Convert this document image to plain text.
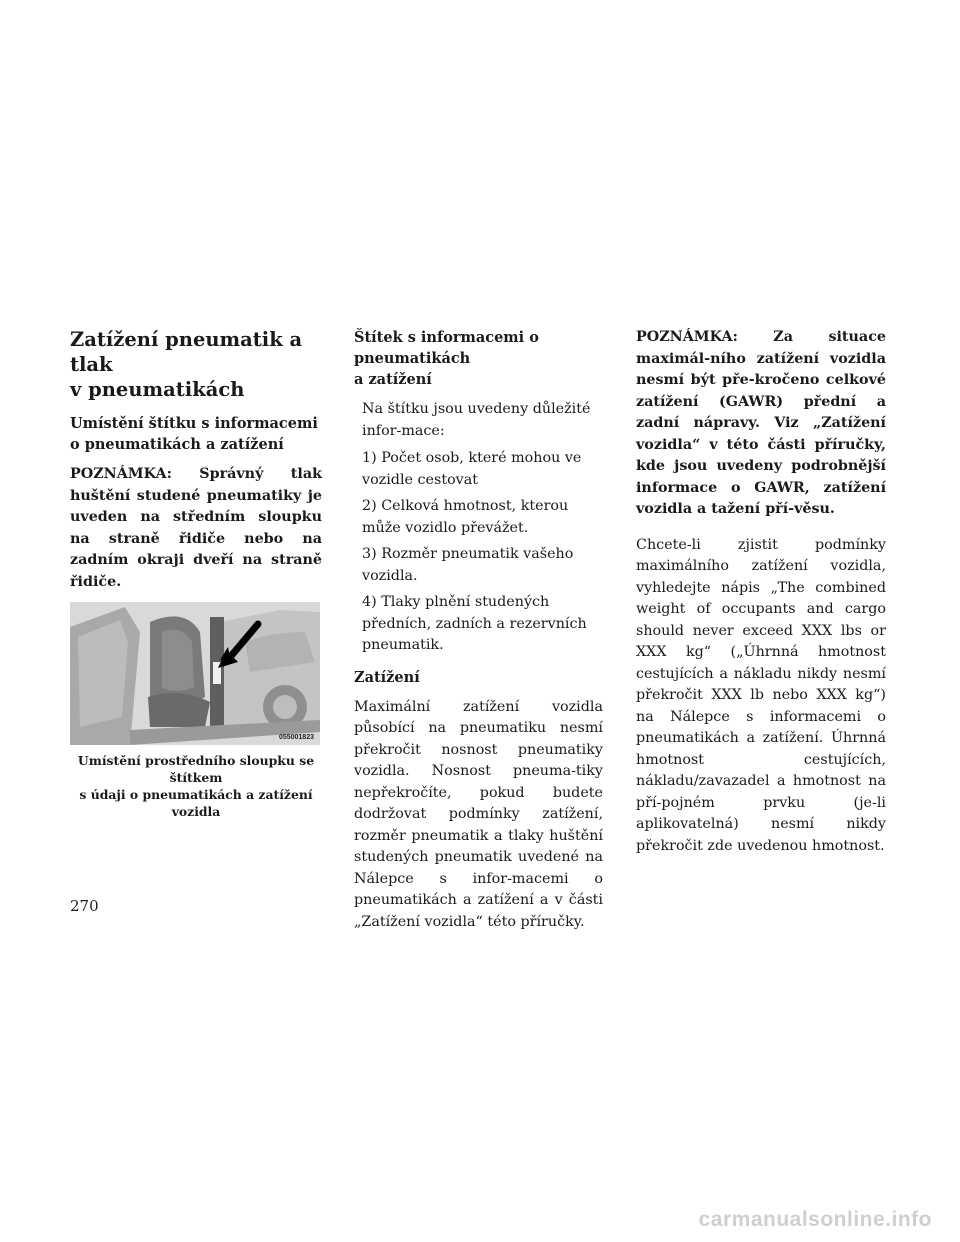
Zatížení pneumatik a tlak
v pneumatikách
Umístění štítku s informacemi
o pneumatikách a zatížení

POZNÁMKA: Správný tlak huštění studené pneumatiky je uveden na středním sloupku na straně řidiče nebo na zadním okraji dveří na straně řidiče.

055001823
Umístění prostředního sloupku se štítkem
s údaji o pneumatikách a zatížení vozidla
Štítek s informacemi o pneumatikách
a zatížení

Na štítku jsou uvedeny důležité infor-mace:

1) Počet osob, které mohou ve vozidle cestovat
2) Celková hmotnost, kterou může vozidlo převážet.
3) Rozměr pneumatik vašeho vozidla.
4) Tlaky plnění studených předních, zadních a rezervních pneumatik.
Zatížení

Maximální zatížení vozidla působící na pneumatiku nesmí překročit nosnost pneumatiky vozidla. Nosnost pneuma-tiky nepřekročíte, pokud budete dodržovat podmínky zatížení, rozměr pneumatik a tlaky huštění studených pneumatik uvedené na Nálepce s infor-macemi o pneumatikách a zatížení a v části „Zatížení vozidla“ této příručky.

POZNÁMKA: Za situace maximál-ního zatížení vozidla nesmí být pře-kročeno celkové zatížení (GAWR) přední a zadní nápravy. Viz „Zatížení vozidla“ v této části příručky, kde jsou uvedeny podrobnější informace o GAWR, zatížení vozidla a tažení pří-věsu.

Chcete-li zjistit podmínky maximálního zatížení vozidla, vyhledejte nápis „The combined weight of occupants and cargo should never exceed XXX lbs or XXX kg“ („Úhrnná hmotnost cestujících a nákladu nikdy nesmí překročit XXX lb nebo XXX kg“) na Nálepce s informacemi o pneumatikách a zatížení. Úhrnná hmotnost cestujících, nákladu/zavazadel a hmotnost na pří-pojném prvku (je-li aplikovatelná) nesmí nikdy překročit zde uvedenou hmotnost.

270
carmanualsonline.info
